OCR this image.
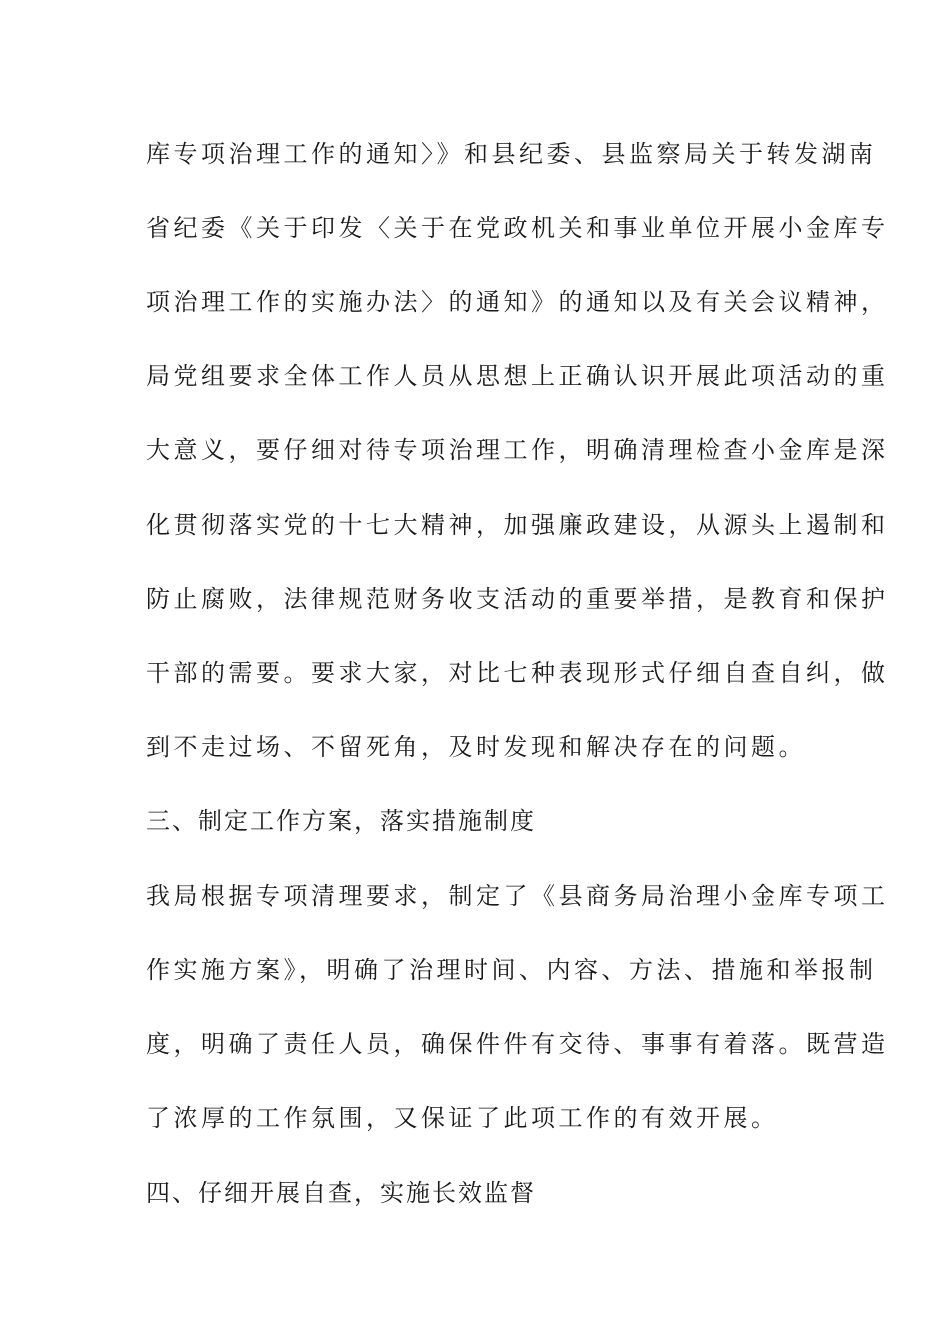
库专项治理工作的通知〉》和县纪委、县监察局关于转发湖南
省纪委《关于印发〈关于在党政机关和事业单位开展小金库专
项治理工作的实施办法〉的通知》的通知以及有关会议精神，
局党组要求全体工作人员从思想上正确认识开展此项活动的重
大意义，要仔细对待专项治理工作，明确清理检查小金库是深
化贯彻落实党的十七大精神，加强廉政建设，从源头上遏制和
防止腐败，法律规范财务收支活动的重要举措，是教育和保护
干部的需要。要求大家，对比七种表现形式仔细自查自纠，做
到不走过场、不留死角，及时发现和解决存在的问题。
三、制定工作方案，落实措施制度
我局根据专项清理要求，制定了《县商务局治理小金库专项工
作实施方案》，明确了治理时间、内容、方法、措施和举报制
度，明确了责任人员，确保件件有交待、事事有着落。既营造
了浓厚的工作氛围，又保证了此项工作的有效开展。
四、仔细开展自查，实施长效监督
